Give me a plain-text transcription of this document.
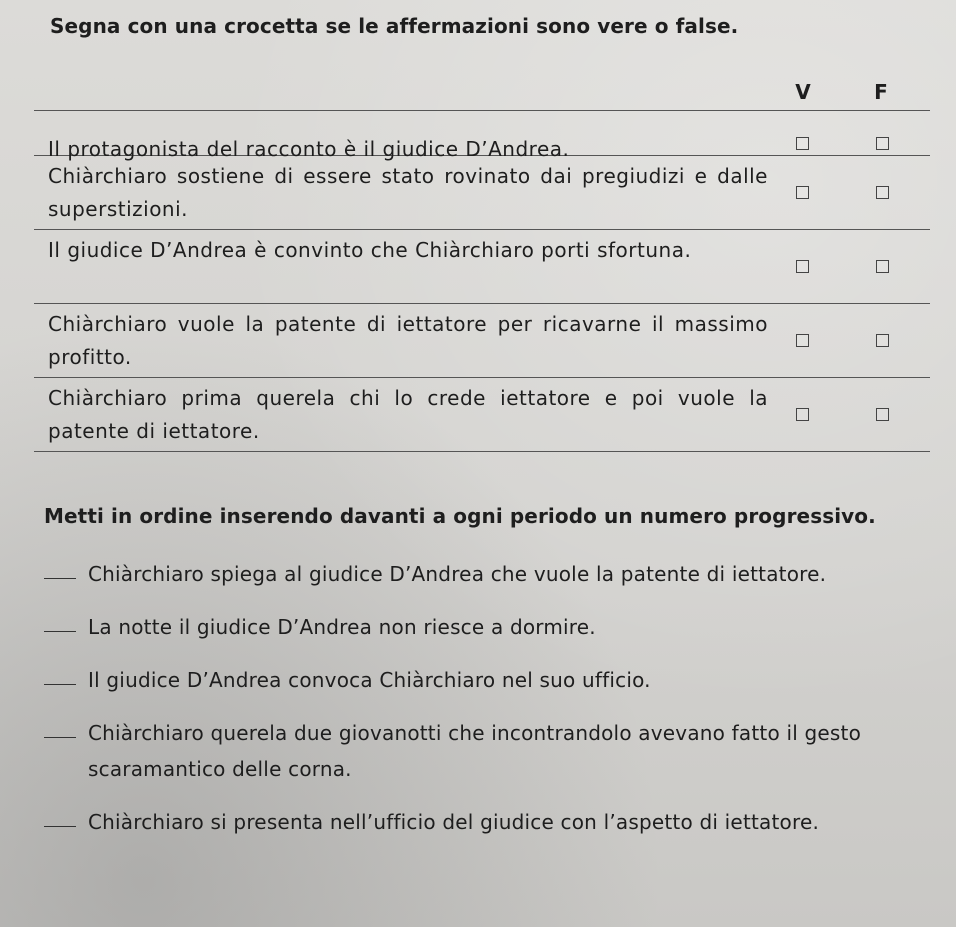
Segna con una crocetta se le affermazioni sono vere o false.
V	F
Il protagonista del racconto è il giudice D’Andrea.
Chiàrchiaro sostiene di essere stato rovinato dai pregiudizi e dalle superstizioni.
Il giudice D’Andrea è convinto che Chiàrchiaro porti sfortuna.
Chiàrchiaro vuole la patente di iettatore per ricavarne il massimo profitto.
Chiàrchiaro prima querela chi lo crede iettatore e poi vuole la patente di iettatore.
Metti in ordine inserendo davanti a ogni periodo un numero progressivo.
Chiàrchiaro spiega al giudice D’Andrea che vuole la patente di iettatore.
La notte il giudice D’Andrea non riesce a dormire.
Il giudice D’Andrea convoca Chiàrchiaro nel suo ufficio.
Chiàrchiaro querela due giovanotti che incontrandolo avevano fatto il gesto scaramantico delle corna.
Chiàrchiaro si presenta nell’ufficio del giudice con l’aspetto di iettatore.
